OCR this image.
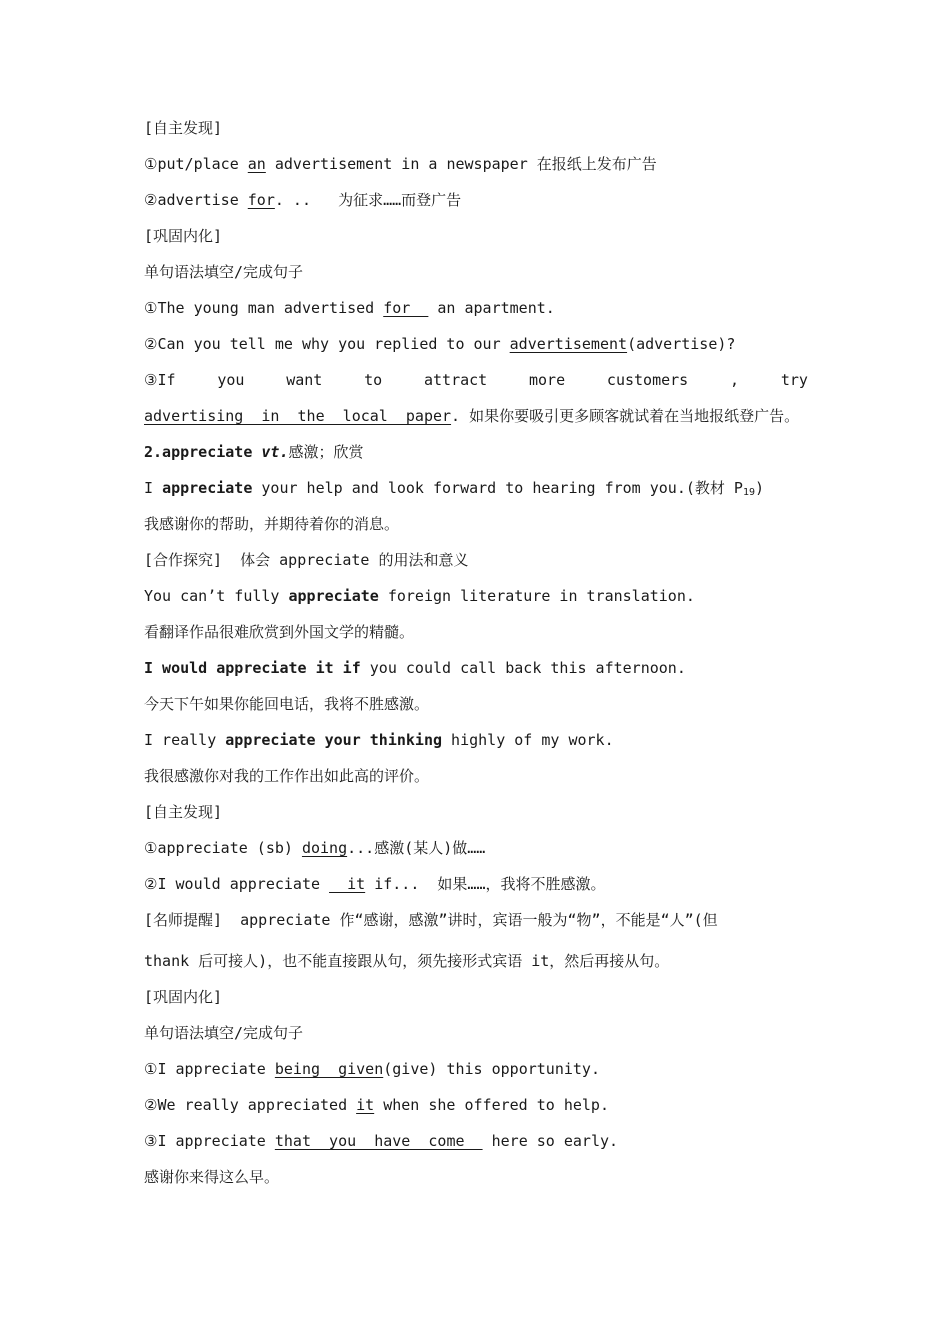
[自主发现]
①put/place an advertisement in a newspaper 在报纸上发布广告
②advertise for. ..   为征求……而登广告
[巩固内化]
单句语法填空/完成句子
①The young man advertised for   an apartment.
②Can you tell me why you replied to our advertisement(advertise)?
③If	you	want	to	attract	more	customers	,	try
advertising  in  the  local  paper. 如果你要吸引更多顾客就试着在当地报纸登广告。
2.appreciate vt.感激；欣赏
I appreciate your help and look forward to hearing from you.(教材 $P_{19}$)
我感谢你的帮助，并期待着你的消息。
[合作探究]  体会 appreciate 的用法和意义
You can’t fully appreciate foreign literature in translation.
看翻译作品很难欣赏到外国文学的精髓。
I would appreciate it if you could call back this afternoon.
今天下午如果你能回电话，我将不胜感激。
I really appreciate your thinking highly of my work.
我很感激你对我的工作作出如此高的评价。
[自主发现]
①appreciate (sb) doing...感激(某人)做……
②I would appreciate   it if...  如果……，我将不胜感激。
[名师提醒]  appreciate 作“感谢，感激”讲时，宾语一般为“物”，不能是“人”(但
thank 后可接人)，也不能直接跟从句，须先接形式宾语 it，然后再接从句。
[巩固内化]
单句语法填空/完成句子
①I appreciate being  given(give) this opportunity.
②We really appreciated it when she offered to help.
③I appreciate that  you  have  come   here so early.
感谢你来得这么早。
